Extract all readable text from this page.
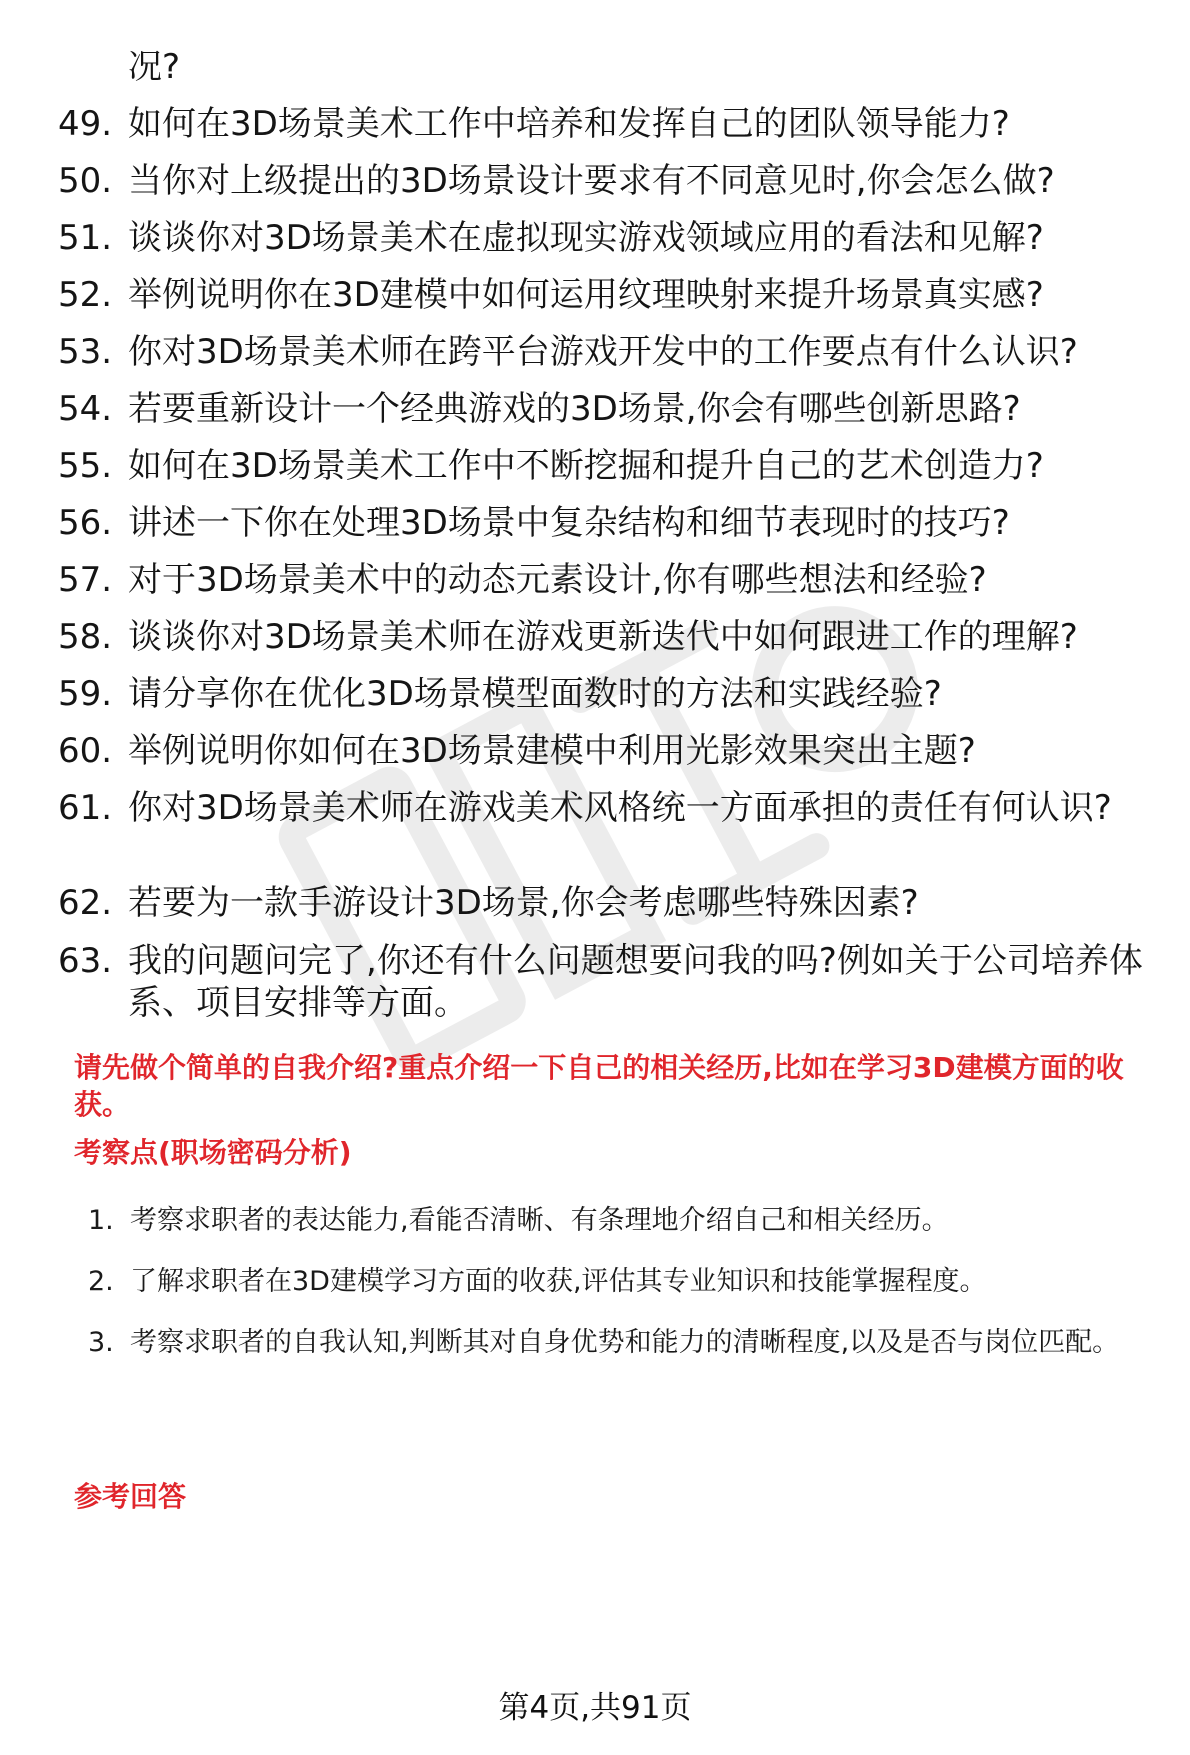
况?
49. 如何在3D场景美术工作中培养和发挥自己的团队领导能力?
50. 当你对上级提出的3D场景设计要求有不同意见时,你会怎么做?
51. 谈谈你对3D场景美术在虚拟现实游戏领域应用的看法和见解?
52. 举例说明你在3D建模中如何运用纹理映射来提升场景真实感?
53. 你对3D场景美术师在跨平台游戏开发中的工作要点有什么认识?
54. 若要重新设计一个经典游戏的3D场景,你会有哪些创新思路?
55. 如何在3D场景美术工作中不断挖掘和提升自己的艺术创造力?
56. 讲述一下你在处理3D场景中复杂结构和细节表现时的技巧?
57. 对于3D场景美术中的动态元素设计,你有哪些想法和经验?
58. 谈谈你对3D场景美术师在游戏更新迭代中如何跟进工作的理解?
59. 请分享你在优化3D场景模型面数时的方法和实践经验?
60. 举例说明你如何在3D场景建模中利用光影效果突出主题?
61. 你对3D场景美术师在游戏美术风格统一方面承担的责任有何认识?
62. 若要为一款手游设计3D场景,你会考虑哪些特殊因素?
63. 我的问题问完了,你还有什么问题想要问我的吗?例如关于公司培养体系、项目安排等方面。
请先做个简单的自我介绍?重点介绍一下自己的相关经历,比如在学习3D建模方面的收获。
考察点(职场密码分析)
1. 考察求职者的表达能力,看能否清晰、有条理地介绍自己和相关经历。
2. 了解求职者在3D建模学习方面的收获,评估其专业知识和技能掌握程度。
3. 考察求职者的自我认知,判断其对自身优势和能力的清晰程度,以及是否与岗位匹配。
参考回答
第4页,共91页
